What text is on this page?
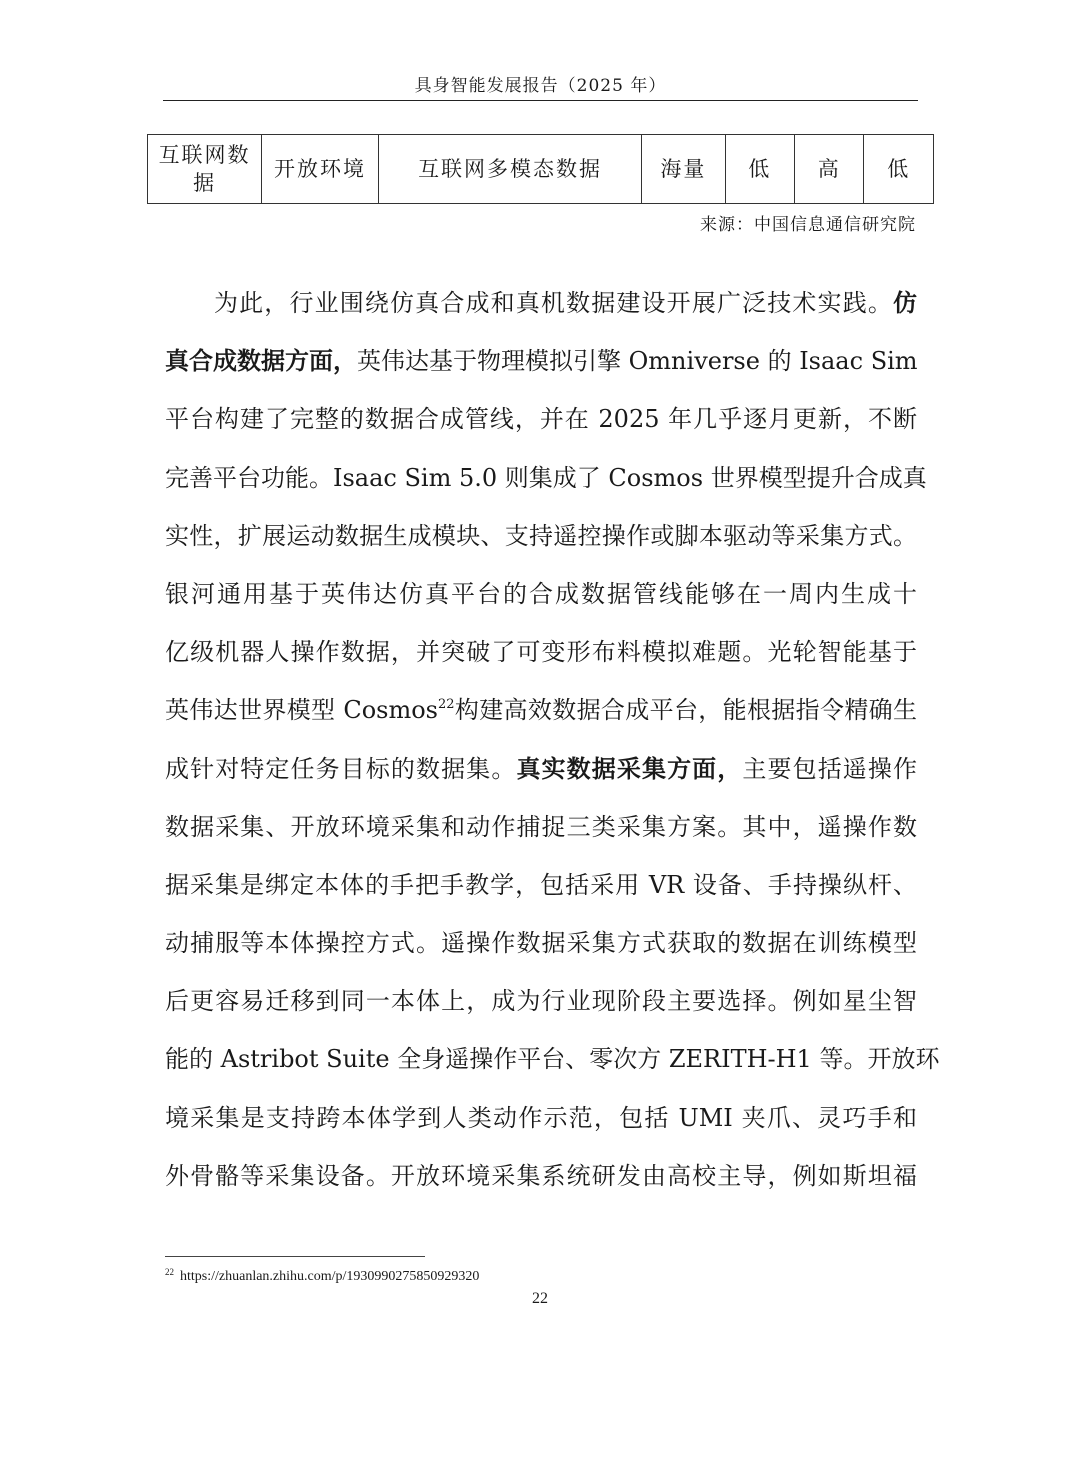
具身智能发展报告（2025 年）
互联网数据	开放环境	互联网多模态数据	海量	低	高	低
来源：中国信息通信研究院
为此，行业围绕仿真合成和真机数据建设开展广泛技术实践。仿
真合成数据方面，英伟达基于物理模拟引擎 Omniverse 的 Isaac Sim
平台构建了完整的数据合成管线，并在 2025 年几乎逐月更新，不断
完善平台功能。Isaac Sim 5.0 则集成了 Cosmos 世界模型提升合成真
实性，扩展运动数据生成模块、支持遥控操作或脚本驱动等采集方式。
银河通用基于英伟达仿真平台的合成数据管线能够在一周内生成十
亿级机器人操作数据，并突破了可变形布料模拟难题。光轮智能基于
英伟达世界模型 Cosmos$^{22}$构建高效数据合成平台，能根据指令精确生
成针对特定任务目标的数据集。真实数据采集方面，主要包括遥操作
数据采集、开放环境采集和动作捕捉三类采集方案。其中，遥操作数
据采集是绑定本体的手把手教学，包括采用 VR 设备、手持操纵杆、
动捕服等本体操控方式。遥操作数据采集方式获取的数据在训练模型
后更容易迁移到同一本体上，成为行业现阶段主要选择。例如星尘智
能的 Astribot Suite 全身遥操作平台、零次方 ZERITH-H1 等。开放环
境采集是支持跨本体学到人类动作示范，包括 UMI 夹爪、灵巧手和
外骨骼等采集设备。开放环境采集系统研发由高校主导，例如斯坦福
$^{22}$ https://zhuanlan.zhihu.com/p/1930990275850929320
22
